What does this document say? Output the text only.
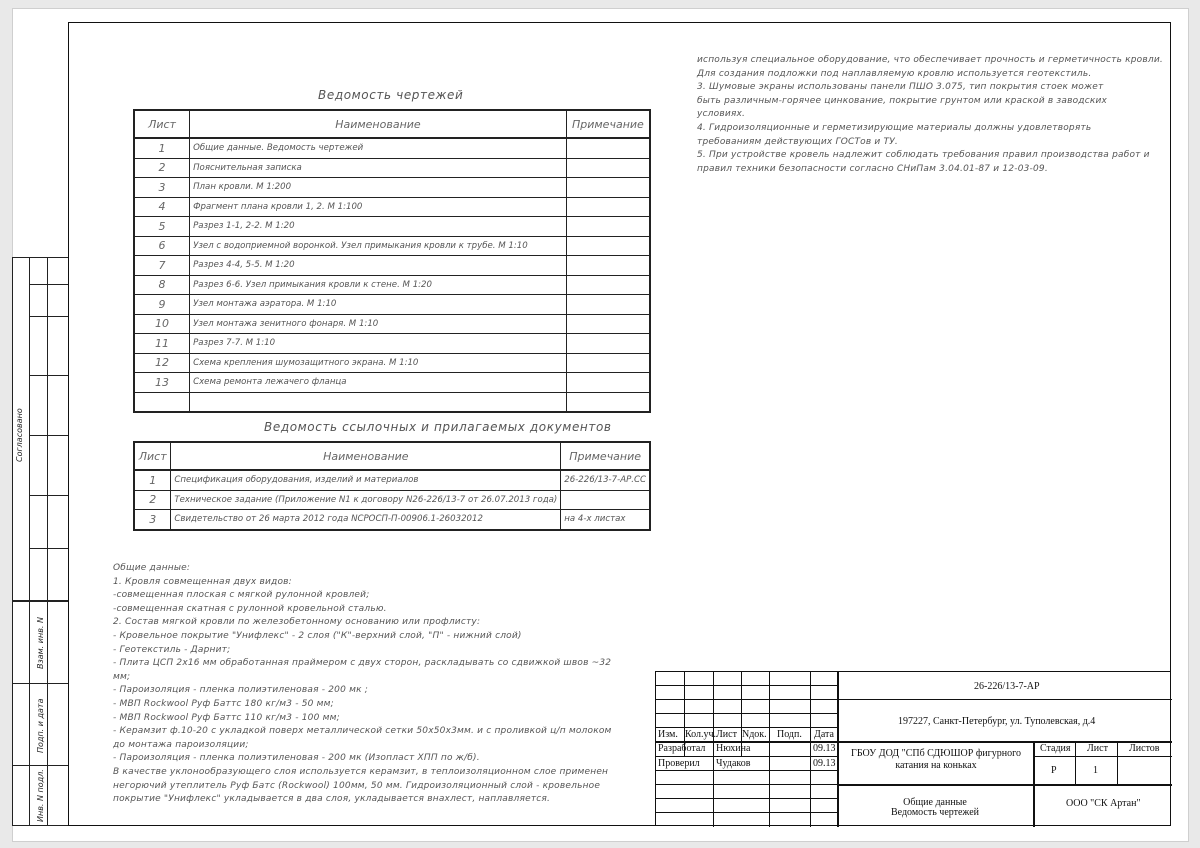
Согласовано
Взам. инв. N
Подп. и дата
Инв. N подл.
Ведомость чертежей
Лист	Наименование	Примечание
1	Общие данные. Ведомость чертежей	
2	Пояснительная записка	
3	План кровли. М 1:200	
4	Фрагмент плана кровли 1, 2. М 1:100	
5	Разрез 1-1, 2-2. М 1:20	
6	Узел с водоприемной воронкой. Узел примыкания кровли к трубе. М 1:10	
7	Разрез 4-4, 5-5. М 1:20	
8	Разрез 6-6. Узел примыкания кровли к стене. М 1:20	
9	Узел монтажа аэратора. М 1:10	
10	Узел монтажа зенитного фонаря. М 1:10	
11	Разрез 7-7. М 1:10	
12	Схема крепления шумозащитного экрана. М 1:10	
13	Схема ремонта лежачего фланца	

Ведомость ссылочных и прилагаемых документов
Лист	Наименование	Примечание
1	Спецификация оборудования, изделий и материалов	26-226/13-7-АР.СС
2	Техническое задание (Приложение N1 к договору N26-226/13-7 от 26.07.2013 года)	
3	Свидетельство от 26 марта 2012 года NСРОСП-П-00906.1-26032012	на 4-х листах
используя специальное оборудование, что обеспечивает прочность и герметичность кровли.
Для создания подложки под наплавляемую кровлю используется геотекстиль.
3. Шумовые экраны использованы панели ПШО 3.075, тип покрытия стоек может
быть различным-горячее цинкование, покрытие грунтом или краской в заводских
условиях.
4. Гидроизоляционные и герметизирующие материалы должны удовлетворять
требованиям действующих ГОСТов и ТУ.
5. При устройстве кровель надлежит соблюдать требования правил производства работ и
правил техники безопасности согласно СНиПам 3.04.01-87 и 12-03-09.
Общие данные:
1. Кровля совмещенная двух видов:
-совмещенная плоская с мягкой рулонной кровлей;
-совмещенная скатная с рулонной кровельной сталью.
2. Состав мягкой кровли по железобетонному основанию или профлисту:
- Кровельное покрытие "Унифлекс" - 2 слоя ("К"-верхний слой, "П" - нижний слой)
- Геотекстиль - Дарнит;
- Плита ЦСП 2х16 мм обработанная праймером с двух сторон, раскладывать со сдвижкой швов ~32
мм;
- Пароизоляция - пленка полиэтиленовая - 200 мк ;
- МВП Rockwool Руф Баттс 180 кг/м3 - 50 мм;
- МВП Rockwool Руф Баттс 110 кг/м3 - 100 мм;
- Керамзит ф.10-20 с укладкой поверх металлической сетки 50х50х3мм. и с проливкой ц/п молоком
до монтажа пароизоляции;
- Пароизоляция - пленка полиэтиленовая - 200 мк (Изопласт ХПП по ж/б).
В качестве уклонообразующего слоя используется керамзит, в теплоизоляционном слое применен
негорючий утеплитель Руф Батс (Rockwool) 100мм, 50 мм. Гидроизоляционный слой - кровельное
покрытие "Унифлекс" укладывается в два слоя, укладывается внахлест, наплавляется.
Изм. Кол.уч. Лист Nдок. Подп. Дата
Разработал Нюхина	09.13
Проверил Чудаков	09.13
26-226/13-7-АР
197227, Санкт-Петербург, ул. Туполевская, д.4
ГБОУ ДОД "СПб СДЮШОР фигурного катания на коньках
Стадия Лист Листов
Р	1
Общие данные
Ведомость чертежей
ООО "СК Артан"
